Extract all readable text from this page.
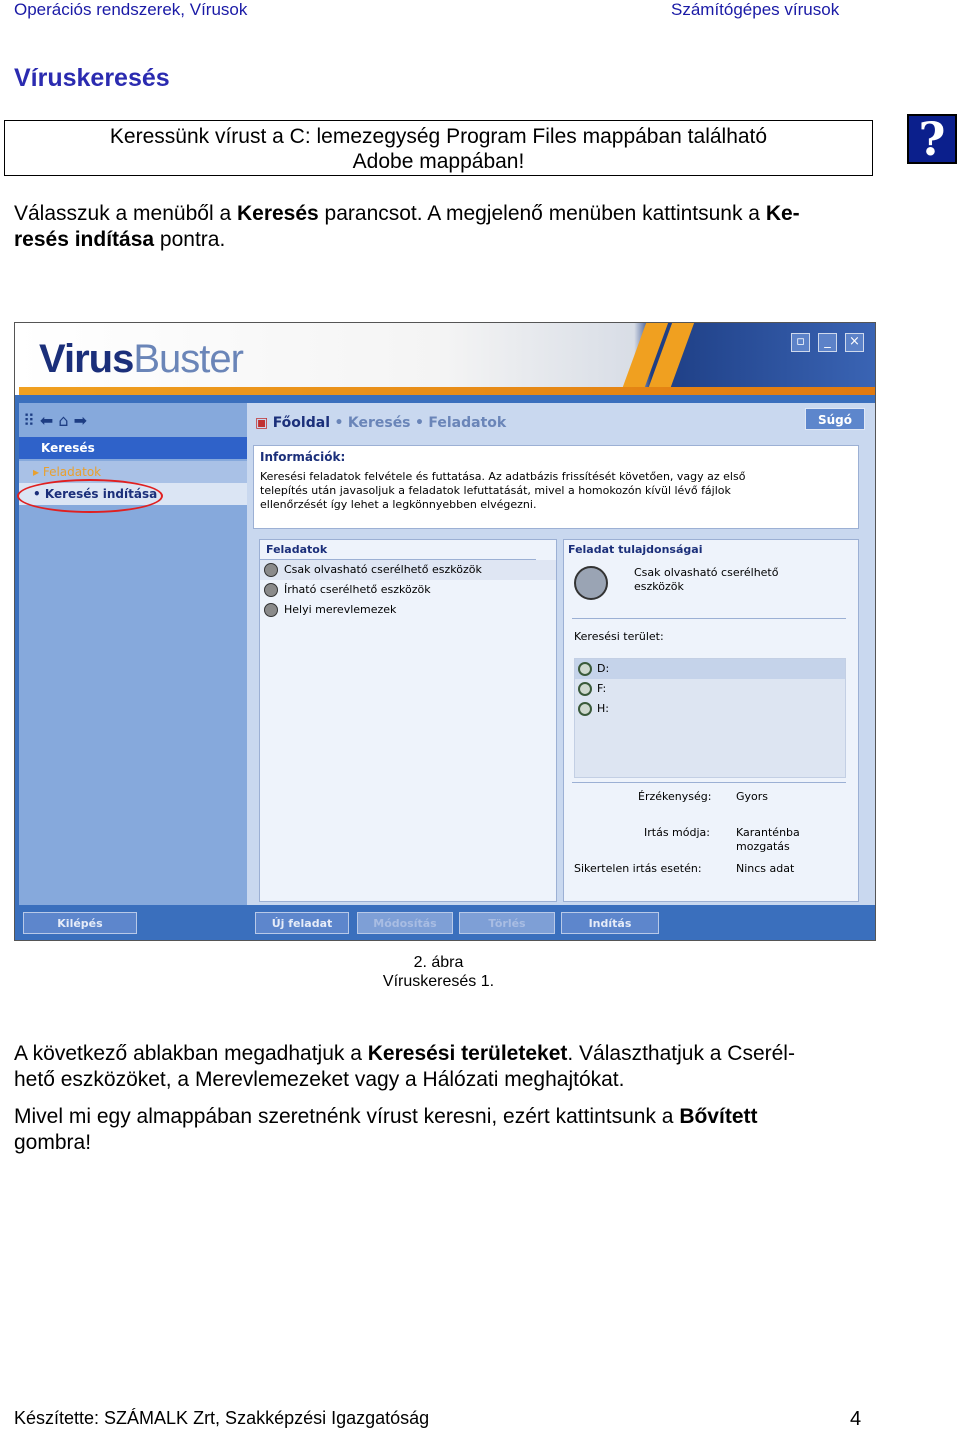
Operációs rendszerek, Vírusok	Számítógépes vírusok
Víruskeresés
Keressünk vírust a C: lemezegység Program Files mappában található
Adobe mappában!	?
Válasszuk a menüből a Keresés parancsot. A megjelenő menüben kattintsunk a Ke-
resés indítása pontra.
VirusBuster	▫	_	×
⠿ ⬅ ⌂ ➡
Keresés
▸ Feladatok
• Keresés indítása
▣ Főoldal • Keresés • Feladatok	Súgó
Információk:
Keresési feladatok felvétele és futtatása. Az adatbázis frissítését követően, vagy az első
telepítés után javasoljuk a feladatok lefuttatását, mivel a homokozón kívül lévő fájlok
ellenőrzését így lehet a legkönnyebben elvégezni.
Feladatok
Csak olvasható cserélhető eszközök
Írható cserélhető eszközök
Helyi merevlemezek
Feladat tulajdonságai
Csak olvasható cserélhető
eszközök
Keresési terület:
D:
F:
H:
Érzékenység: Gyors
Irtás módja: Karanténba
mozgatás
Sikertelen irtás esetén:	Nincs adat
Kilépés	Új feladat	Módosítás	Törlés	Indítás
2. ábra
Víruskeresés 1.
A következő ablakban megadhatjuk a Keresési területeket. Választhatjuk a Cserél-
hető eszközöket, a Merevlemezeket vagy a Hálózati meghajtókat.
Mivel mi egy almappában szeretnénk vírust keresni, ezért kattintsunk a Bővített
gombra!
Készítette: SZÁMALK Zrt, Szakképzési Igazgatóság	4
